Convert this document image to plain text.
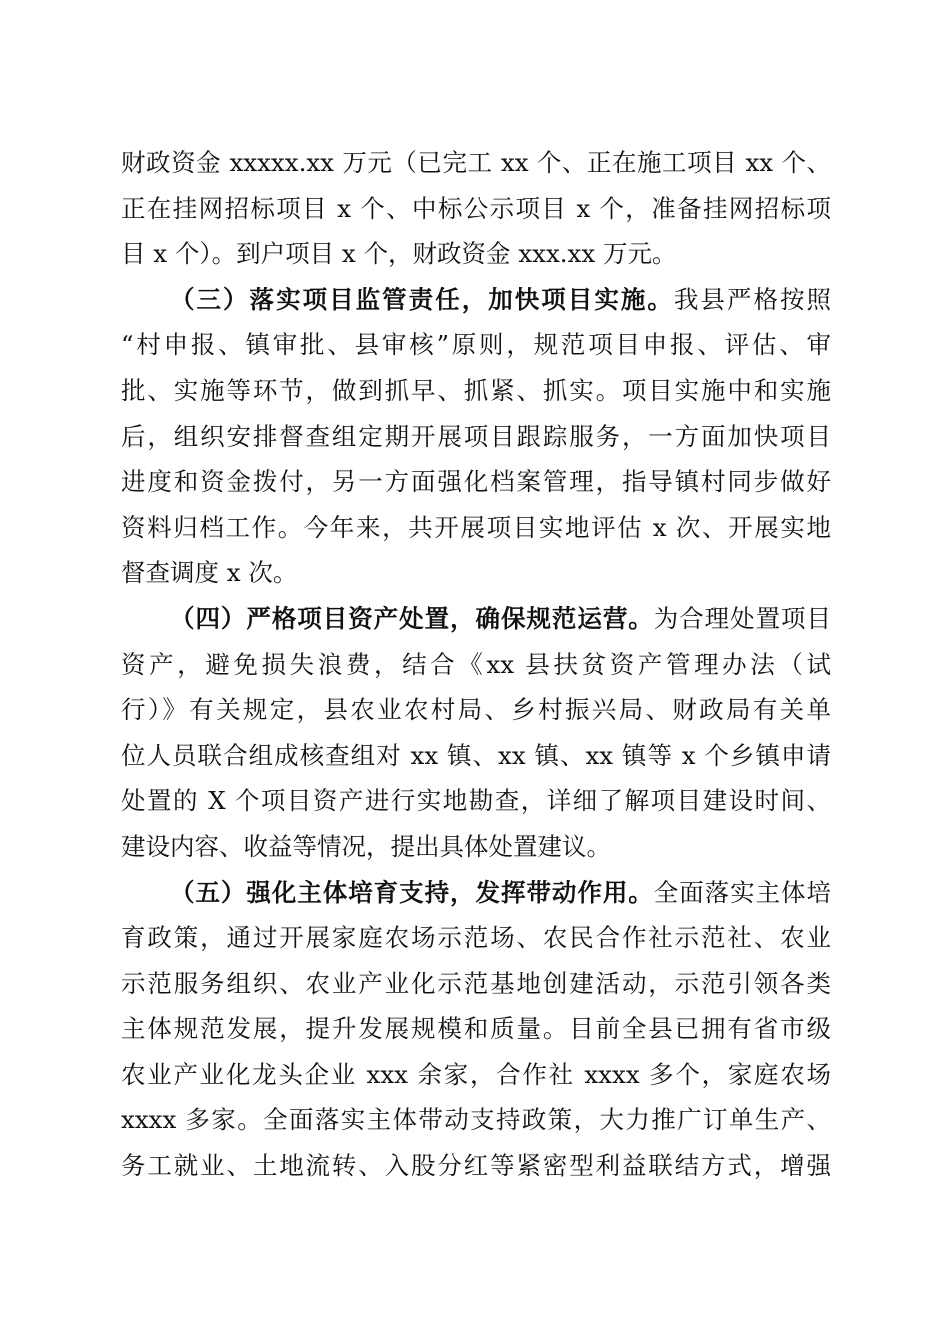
财政资金 xxxxx.xx 万元（已完工 xx 个、正在施工项目 xx 个、
正在挂网招标项目 x 个、中标公示项目 x 个，准备挂网招标项
目 x 个）。到户项目 x 个，财政资金 xxx.xx 万元。
（三）落实项目监管责任，加快项目实施。我县严格按照
“村申报、镇审批、县审核”原则，规范项目申报、评估、审
批、实施等环节，做到抓早、抓紧、抓实。项目实施中和实施
后，组织安排督查组定期开展项目跟踪服务，一方面加快项目
进度和资金拨付，另一方面强化档案管理，指导镇村同步做好
资料归档工作。今年来，共开展项目实地评估 x 次、开展实地
督查调度 x 次。
（四）严格项目资产处置，确保规范运营。为合理处置项目
资产，避免损失浪费，结合《xx 县扶贫资产管理办法（试
行）》有关规定，县农业农村局、乡村振兴局、财政局有关单
位人员联合组成核查组对 xx 镇、xx 镇、xx 镇等 x 个乡镇申请
处置的 X 个项目资产进行实地勘查，详细了解项目建设时间、
建设内容、收益等情况，提出具体处置建议。
（五）强化主体培育支持，发挥带动作用。全面落实主体培
育政策，通过开展家庭农场示范场、农民合作社示范社、农业
示范服务组织、农业产业化示范基地创建活动，示范引领各类
主体规范发展，提升发展规模和质量。目前全县已拥有省市级
农业产业化龙头企业 xxx 余家，合作社 xxxx 多个，家庭农场
xxxx 多家。全面落实主体带动支持政策，大力推广订单生产、
务工就业、土地流转、入股分红等紧密型利益联结方式，增强
